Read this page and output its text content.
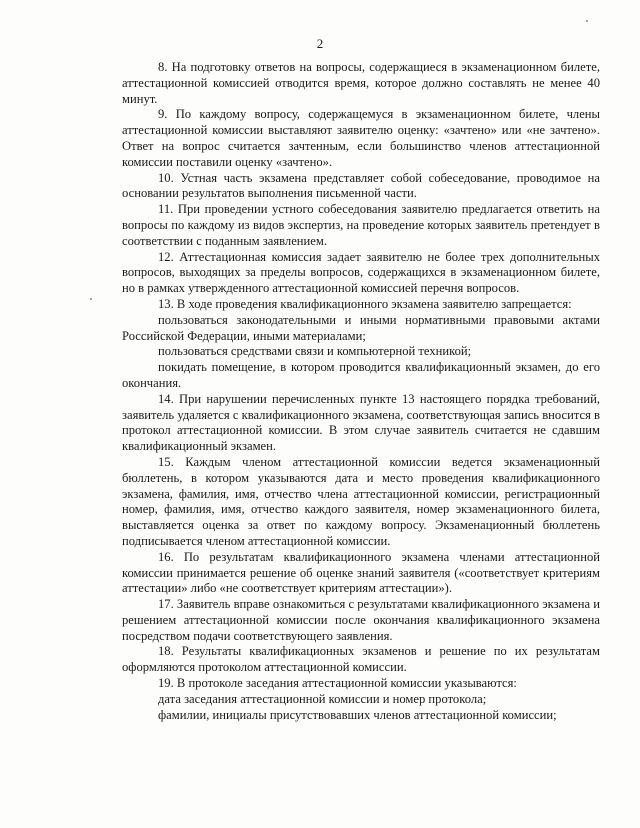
2

8. На подготовку ответов на вопросы, содержащиеся в экзаменационном билете, аттестационной комиссией отводится время, которое должно составлять не менее 40 минут.

9. По каждому вопросу, содержащемуся в экзаменационном билете, члены аттестационной комиссии выставляют заявителю оценку: «зачтено» или «не зачтено». Ответ на вопрос считается зачтенным, если большинство членов аттестационной комиссии поставили оценку «зачтено».

10. Устная часть экзамена представляет собой собеседование, проводимое на основании результатов выполнения письменной части.

11. При проведении устного собеседования заявителю предлагается ответить на вопросы по каждому из видов экспертиз, на проведение которых заявитель претендует в соответствии с поданным заявлением.

12. Аттестационная комиссия задает заявителю не более трех дополнительных вопросов, выходящих за пределы вопросов, содержащихся в экзаменационном билете, но в рамках утвержденного аттестационной комиссией перечня вопросов.

13. В ходе проведения квалификационного экзамена заявителю запрещается:

пользоваться законодательными и иными нормативными правовыми актами Российской Федерации, иными материалами;

пользоваться средствами связи и компьютерной техникой;

покидать помещение, в котором проводится квалификационный экзамен, до его окончания.

14. При нарушении перечисленных пункте 13 настоящего порядка требований, заявитель удаляется с квалификационного экзамена, соответствующая запись вносится в протокол аттестационной комиссии. В этом случае заявитель считается не сдавшим квалификационный экзамен.

15. Каждым членом аттестационной комиссии ведется экзаменационный бюллетень, в котором указываются дата и место проведения квалификационного экзамена, фамилия, имя, отчество члена аттестационной комиссии, регистрационный номер, фамилия, имя, отчество каждого заявителя, номер экзаменационного билета, выставляется оценка за ответ по каждому вопросу. Экзаменационный бюллетень подписывается членом аттестационной комиссии.

16. По результатам квалификационного экзамена членами аттестационной комиссии принимается решение об оценке знаний заявителя («соответствует критериям аттестации» либо «не соответствует критериям аттестации»).

17. Заявитель вправе ознакомиться с результатами квалификационного экзамена и решением аттестационной комиссии после окончания квалификационного экзамена посредством подачи соответствующего заявления.

18. Результаты квалификационных экзаменов и решение по их результатам оформляются протоколом аттестационной комиссии.

19. В протоколе заседания аттестационной комиссии указываются:

дата заседания аттестационной комиссии и номер протокола;

фамилии, инициалы присутствовавших членов аттестационной комиссии;
